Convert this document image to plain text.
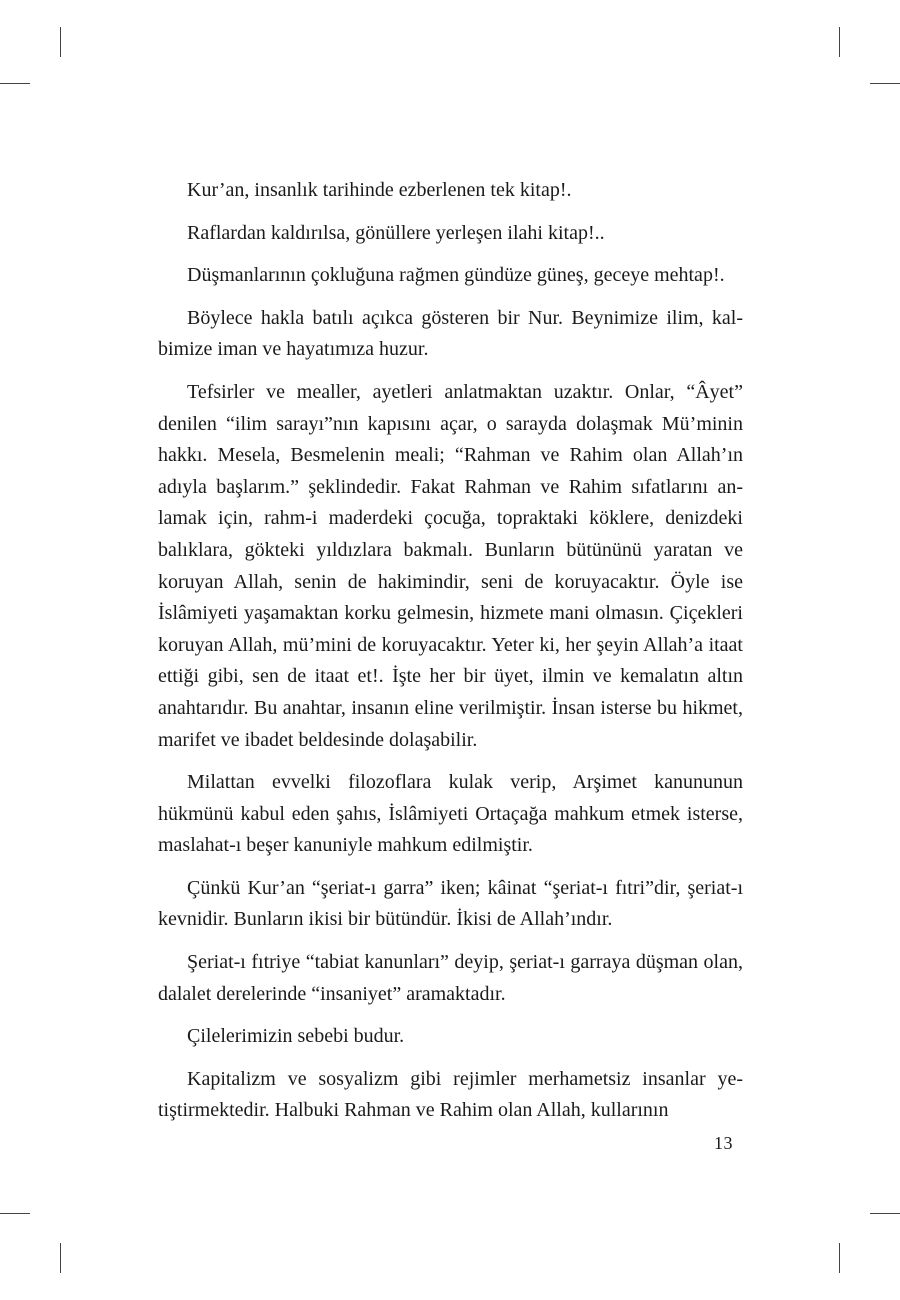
Kur’an, insanlık tarihinde ezberlenen tek kitap!.

Raflardan kaldırılsa, gönüllere yerleşen ilahi kitap!..

Düşmanlarının çokluğuna rağmen gündüze güneş, geceye mehtap!.

Böylece hakla batılı açıkca gösteren bir Nur. Beynimize ilim, kalbimize iman ve hayatımıza huzur.

Tefsirler ve mealler, ayetleri anlatmaktan uzaktır. Onlar, “Âyet” denilen “ilim sarayı”nın kapısını açar, o sarayda dolaşmak Mü’minin hakkı. Mesela, Besmelenin meali; “Rahman ve Rahim olan Allah’ın adıyla başlarım.” şeklindedir. Fakat Rahman ve Rahim sıfatlarını anlamak için, rahm-i maderdeki çocuğa, topraktaki köklere, denizdeki balıklara, gökteki yıldızlara bakmalı. Bunların bütününü yaratan ve koruyan Allah, senin de hakimindir, seni de koruyacaktır. Öyle ise İslâmiyeti yaşamaktan korku gelmesin, hizmete mani olmasın. Çiçekleri koruyan Allah, mü’mini de koruyacaktır. Yeter ki, her şeyin Allah’a itaat ettiği gibi, sen de itaat et!. İşte her bir üyet, ilmin ve kemalatın altın anahtarıdır. Bu anahtar, insanın eline verilmiştir. İnsan isterse bu hikmet, marifet ve ibadet beldesinde dolaşabilir.

Milattan evvelki filozoflara kulak verip, Arşimet kanununun hükmünü kabul eden şahıs, İslâmiyeti Ortaçağa mahkum etmek isterse, maslahat-ı beşer kanuniyle mahkum edilmiştir.

Çünkü Kur’an “şeriat-ı garra” iken; kâinat “şeriat-ı fıtri”dir, şeriat-ı kevnidir. Bunların ikisi bir bütündür. İkisi de Allah’ındır.

Şeriat-ı fıtriye “tabiat kanunları” deyip, şeriat-ı garraya düşman olan, dalalet derelerinde “insaniyet” aramaktadır.

Çilelerimizin sebebi budur.

Kapitalizm ve sosyalizm gibi rejimler merhametsiz insanlar yetiştirmektedir. Halbuki Rahman ve Rahim olan Allah, kullarının

13
